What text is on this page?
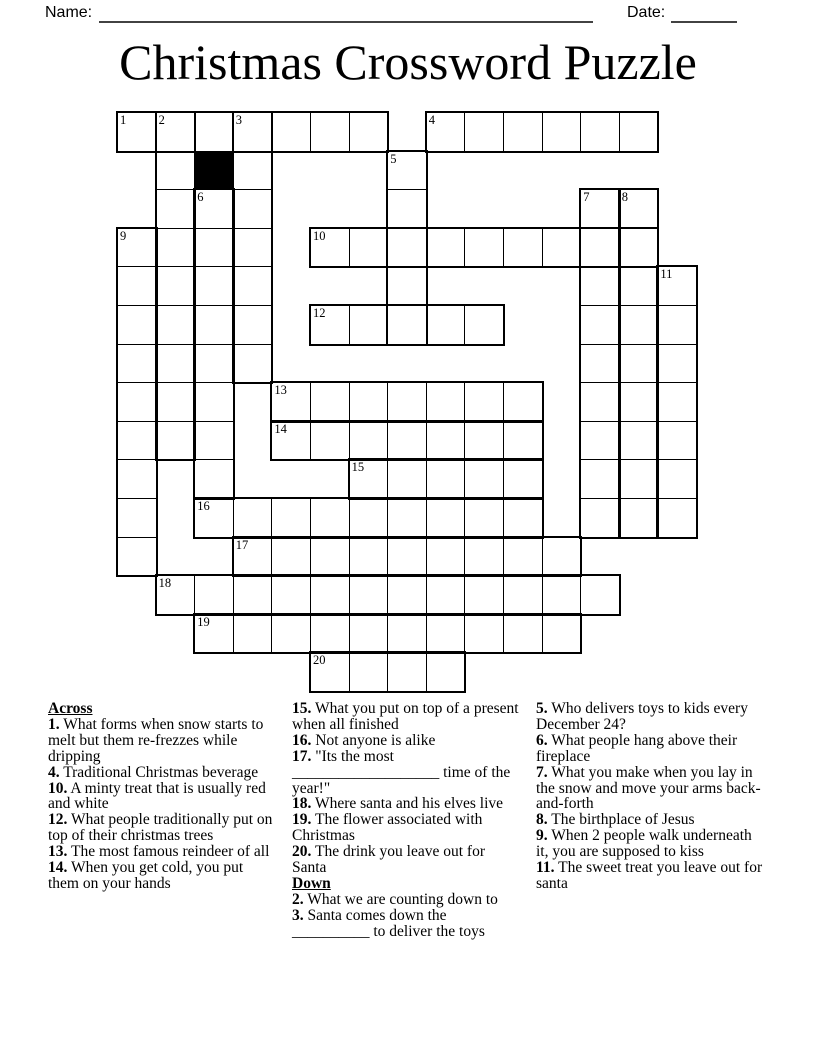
Name:	Date:
Christmas Crossword Puzzle
1	4
10
12
13
14
15
16
17
18
19
20
2	3
5
6	7	8
9
11
Across
1. What forms when snow starts to melt but them re-frezzes while dripping
4. Traditional Christmas beverage
10. A minty treat that is usually red and white
12. What people traditionally put on top of their christmas trees
13. The most famous reindeer of all
14. When you get cold, you put them on your hands
15. What you put on top of a present when all finished
16. Not anyone is alike
17. "Its the most ___________________ time of the year!"
18. Where santa and his elves live
19. The flower associated with Christmas
20. The drink you leave out for Santa
Down
2. What we are counting down to
3. Santa comes down the __________ to deliver the toys
5. Who delivers toys to kids every December 24?
6. What people hang above their fireplace
7. What you make when you lay in the snow and move your arms back-and-forth
8. The birthplace of Jesus
9. When 2 people walk underneath it, you are supposed to kiss
11. The sweet treat you leave out for santa
